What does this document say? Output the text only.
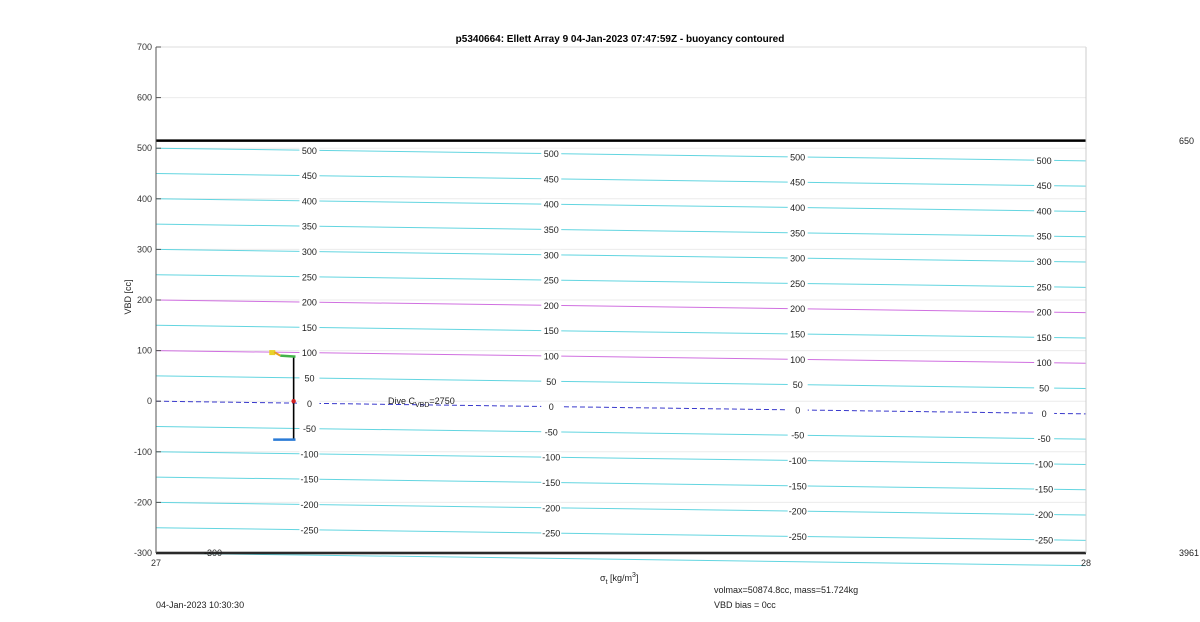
500
450
400
350
300
250
200
150
100
50
0
-50
-100
-150
-200
-250
500
450
400
350
300
250
200
150
100
50
0
-50
-100
-150
-200
-250
500
450
400
350
300
250
200
150
100
50
0
-50
-100
-150
-200
-250
500
450
400
350
300
250
200
150
100
50
0
-50
-100
-150
-200
-250
-300
-200
-100
0
100
200
300
400
500
600
700
27	28
p5340664: Ellett Array 9 04-Jan-2023 07:47:59Z - buoyancy contoured
VBD [cc]
$\sigma_t$ $[kg/m^3]$
Dive $C_{VBD}=2750$
650
3961
-300
04-Jan-2023 10:30:30
volmax=50874.8cc, mass=51.724kg
VBD bias = 0cc
